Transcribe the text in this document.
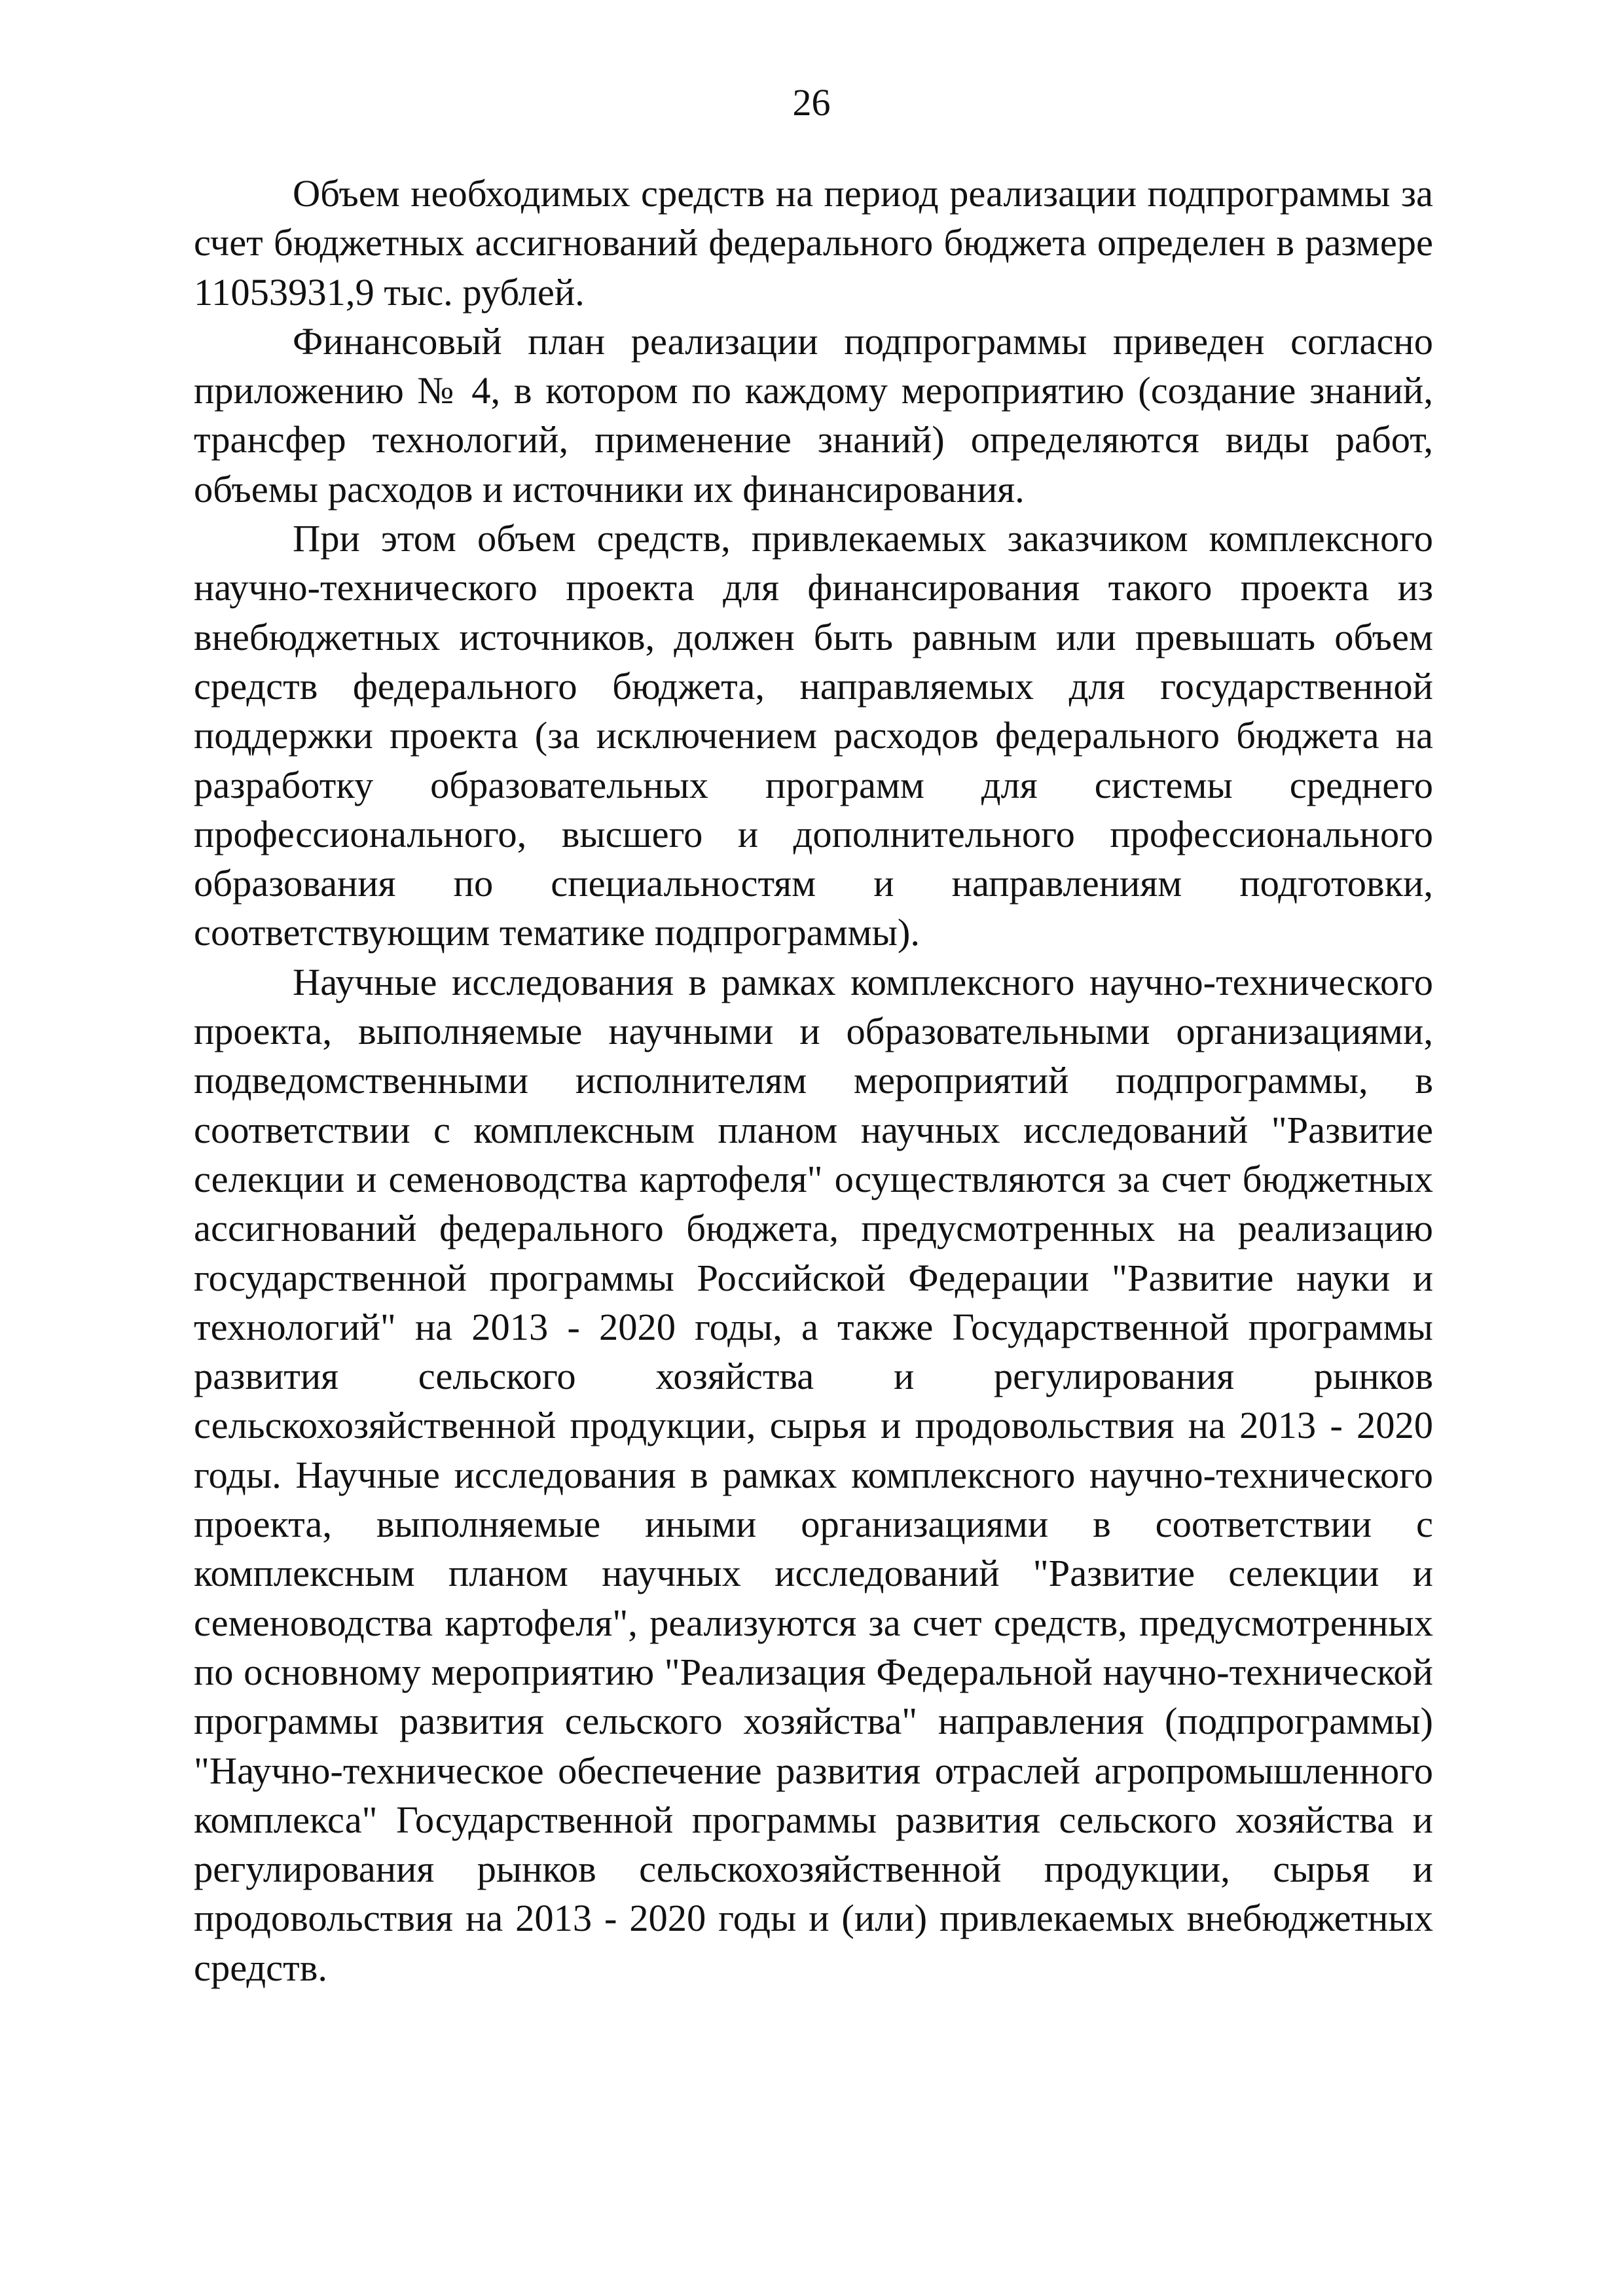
26

Объем необходимых средств на период реализации подпрограммы за счет бюджетных ассигнований федерального бюджета определен в размере 11053931,9 тыс. рублей.

Финансовый план реализации подпрограммы приведен согласно приложению № 4, в котором по каждому мероприятию (создание знаний, трансфер технологий, применение знаний) определяются виды работ, объемы расходов и источники их финансирования.

При этом объем средств, привлекаемых заказчиком комплексного научно-технического проекта для финансирования такого проекта из внебюджетных источников, должен быть равным или превышать объем средств федерального бюджета, направляемых для государственной поддержки проекта (за исключением расходов федерального бюджета на разработку образовательных программ для системы среднего профессионального, высшего и дополнительного профессионального образования по специальностям и направлениям подготовки, соответствующим тематике подпрограммы).

Научные исследования в рамках комплексного научно-технического проекта, выполняемые научными и образовательными организациями, подведомственными исполнителям мероприятий подпрограммы, в соответствии с комплексным планом научных исследований "Развитие селекции и семеноводства картофеля" осуществляются за счет бюджетных ассигнований федерального бюджета, предусмотренных на реализацию государственной программы Российской Федерации "Развитие науки и технологий" на 2013 - 2020 годы, а также Государственной программы развития сельского хозяйства и регулирования рынков сельскохозяйственной продукции, сырья и продовольствия на 2013 - 2020 годы. Научные исследования в рамках комплексного научно-технического проекта, выполняемые иными организациями в соответствии с комплексным планом научных исследований "Развитие селекции и семеноводства картофеля", реализуются за счет средств, предусмотренных по основному мероприятию "Реализация Федеральной научно-технической программы развития сельского хозяйства" направления (подпрограммы) "Научно-техническое обеспечение развития отраслей агропромышленного комплекса" Государственной программы развития сельского хозяйства и регулирования рынков сельскохозяйственной продукции, сырья и продовольствия на 2013 - 2020 годы и (или) привлекаемых внебюджетных средств.
